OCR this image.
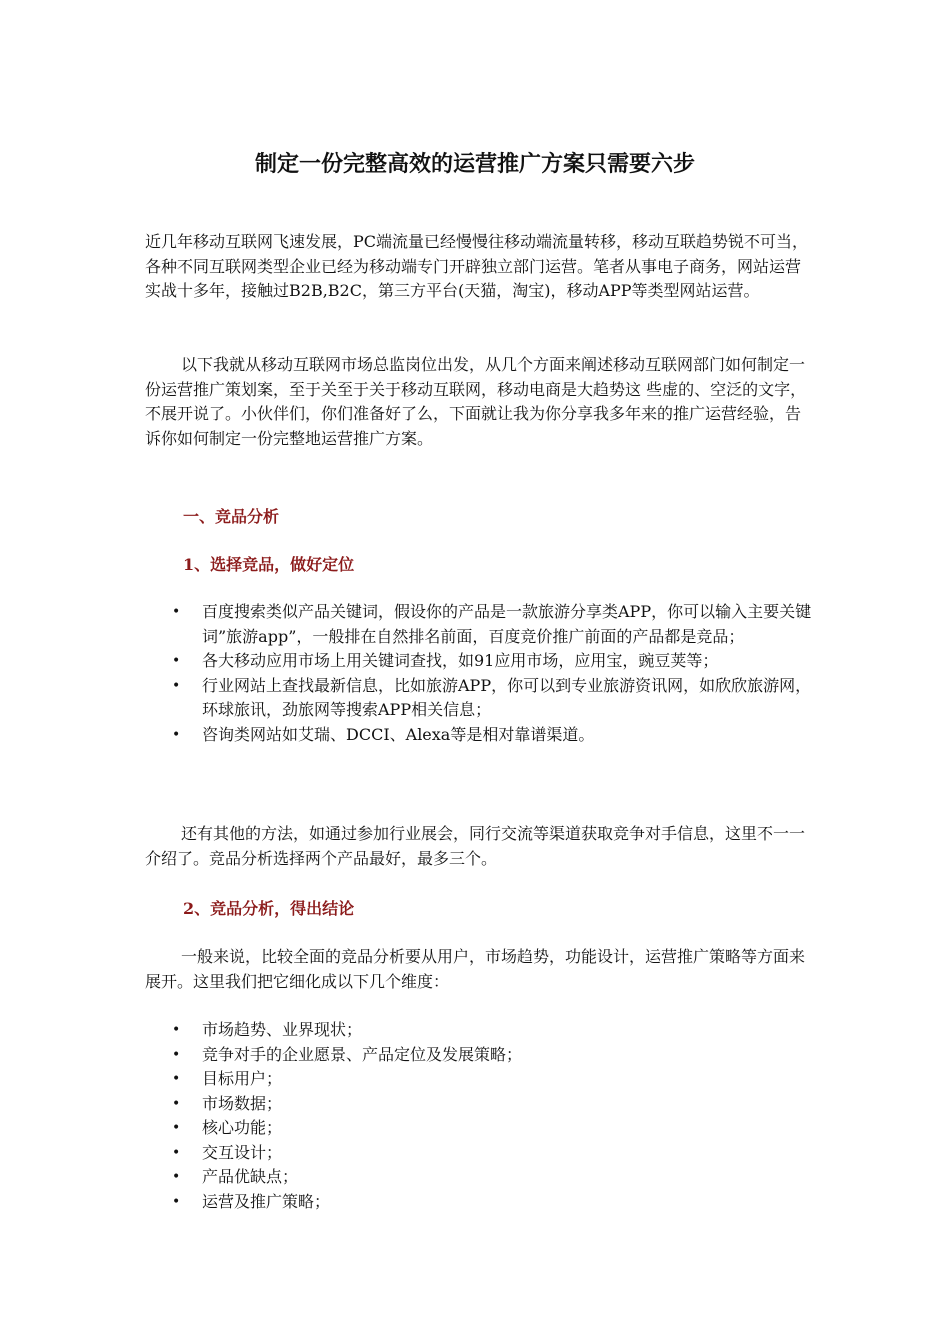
制定一份完整高效的运营推广方案只需要六步

近几年移动互联网飞速发展，PC端流量已经慢慢往移动端流量转移，移动互联趋势锐不可当，各种不同互联网类型企业已经为移动端专门开辟独立部门运营。笔者从事电子商务，网站运营实战十多年，接触过B2B,B2C，第三方平台(天猫，淘宝)，移动APP等类型网站运营。

以下我就从移动互联网市场总监岗位出发，从几个方面来阐述移动互联网部门如何制定一份运营推广策划案，至于关至于关于移动互联网，移动电商是大趋势这 些虚的、空泛的文字，不展开说了。小伙伴们，你们准备好了么，下面就让我为你分享我多年来的推广运营经验，告诉你如何制定一份完整地运营推广方案。

一、竞品分析
1、选择竞品，做好定位
• 百度搜索类似产品关键词，假设你的产品是一款旅游分享类APP，你可以输入主要关键词”旅游app”，一般排在自然排名前面，百度竞价推广前面的产品都是竞品；
• 各大移动应用市场上用关键词查找，如91应用市场，应用宝，豌豆荚等；
• 行业网站上查找最新信息，比如旅游APP，你可以到专业旅游资讯网，如欣欣旅游网，环球旅讯，劲旅网等搜索APP相关信息；
• 咨询类网站如艾瑞、DCCI、Alexa等是相对靠谱渠道。

还有其他的方法，如通过参加行业展会，同行交流等渠道获取竞争对手信息，这里不一一介绍了。竞品分析选择两个产品最好，最多三个。

2、竞品分析，得出结论

一般来说，比较全面的竞品分析要从用户，市场趋势，功能设计，运营推广策略等方面来展开。这里我们把它细化成以下几个维度：

• 市场趋势、业界现状；
• 竞争对手的企业愿景、产品定位及发展策略；
• 目标用户；
• 市场数据；
• 核心功能；
• 交互设计；
• 产品优缺点；
• 运营及推广策略；
